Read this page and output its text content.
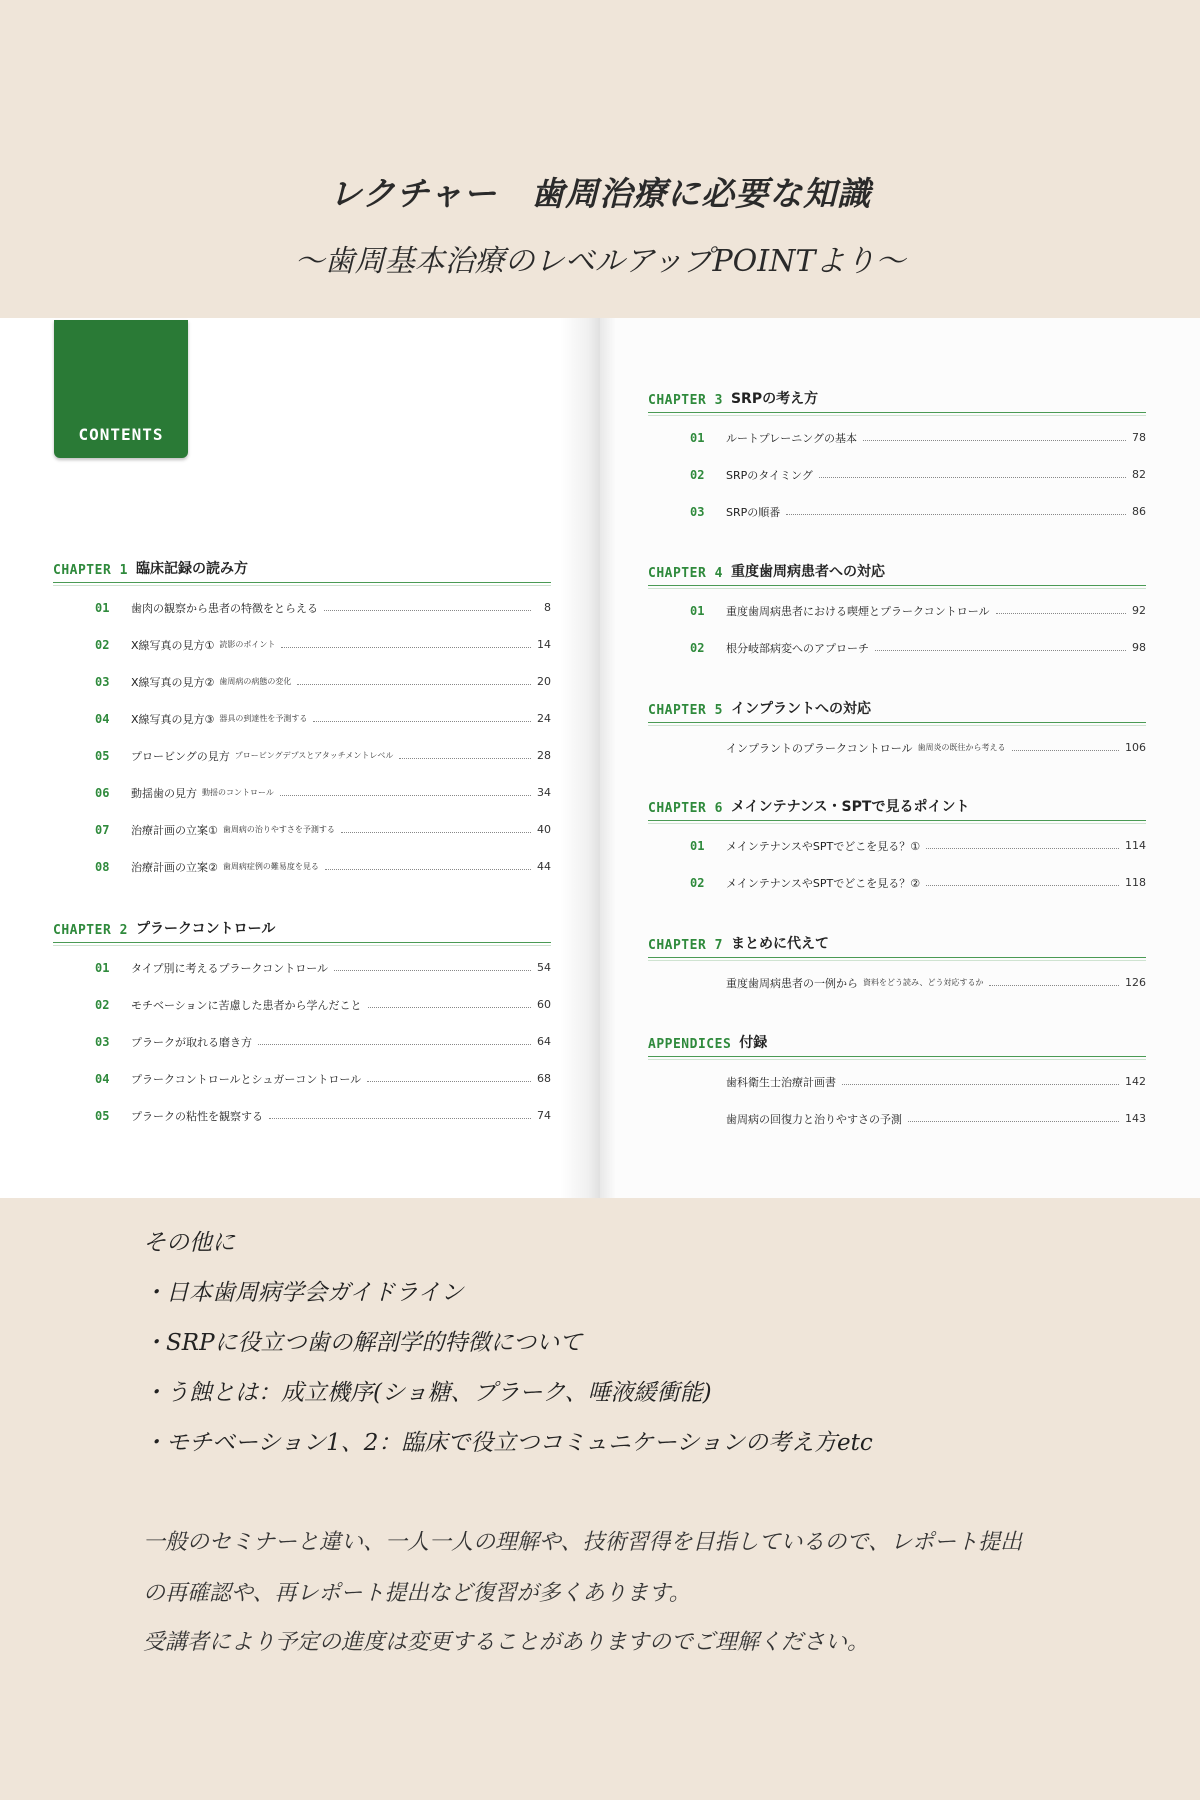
レクチャー　歯周治療に必要な知識
～歯周基本治療のレベルアップPOINTより～
CONTENTS
CHAPTER 1 臨床記録の読み方
01	歯肉の観察から患者の特徴をとらえる	8
02	X線写真の見方① 読影のポイント	14
03	X線写真の見方② 歯周病の病態の変化	20
04	X線写真の見方③ 器具の到達性を予測する	24
05	プロービングの見方 プロービングデプスとアタッチメントレベル	28
06	動揺歯の見方 動揺のコントロール	34
07	治療計画の立案① 歯周病の治りやすさを予測する	40
08	治療計画の立案② 歯周病症例の難易度を見る	44
CHAPTER 2 プラークコントロール
01	タイプ別に考えるプラークコントロール	54
02	モチベーションに苦慮した患者から学んだこと	60
03	プラークが取れる磨き方	64
04	プラークコントロールとシュガーコントロール	68
05	プラークの粘性を観察する	74
CHAPTER 3 SRPの考え方
01	ルートプレーニングの基本	78
02	SRPのタイミング	82
03	SRPの順番	86
CHAPTER 4 重度歯周病患者への対応
01	重度歯周病患者における喫煙とプラークコントロール	92
02	根分岐部病変へのアプローチ	98
CHAPTER 5 インプラントへの対応
インプラントのプラークコントロール 歯周炎の既往から考える	106
CHAPTER 6 メインテナンス・SPTで見るポイント
01	メインテナンスやSPTでどこを見る？①	114
02	メインテナンスやSPTでどこを見る？②	118
CHAPTER 7 まとめに代えて
重度歯周病患者の一例から 資料をどう読み、どう対応するか	126
APPENDICES 付録
歯科衛生士治療計画書	142
歯周病の回復力と治りやすさの予測	143
その他に
・日本歯周病学会ガイドライン
・SRPに役立つ歯の解剖学的特徴について
・う蝕とは：成立機序(ショ糖、プラーク、唾液緩衝能)
・モチベーション1、2：臨床で役立つコミュニケーションの考え方etc
一般のセミナーと違い、一人一人の理解や、技術習得を目指しているので、レポート提出
の再確認や、再レポート提出など復習が多くあります。
受講者により予定の進度は変更することがありますのでご理解ください。
